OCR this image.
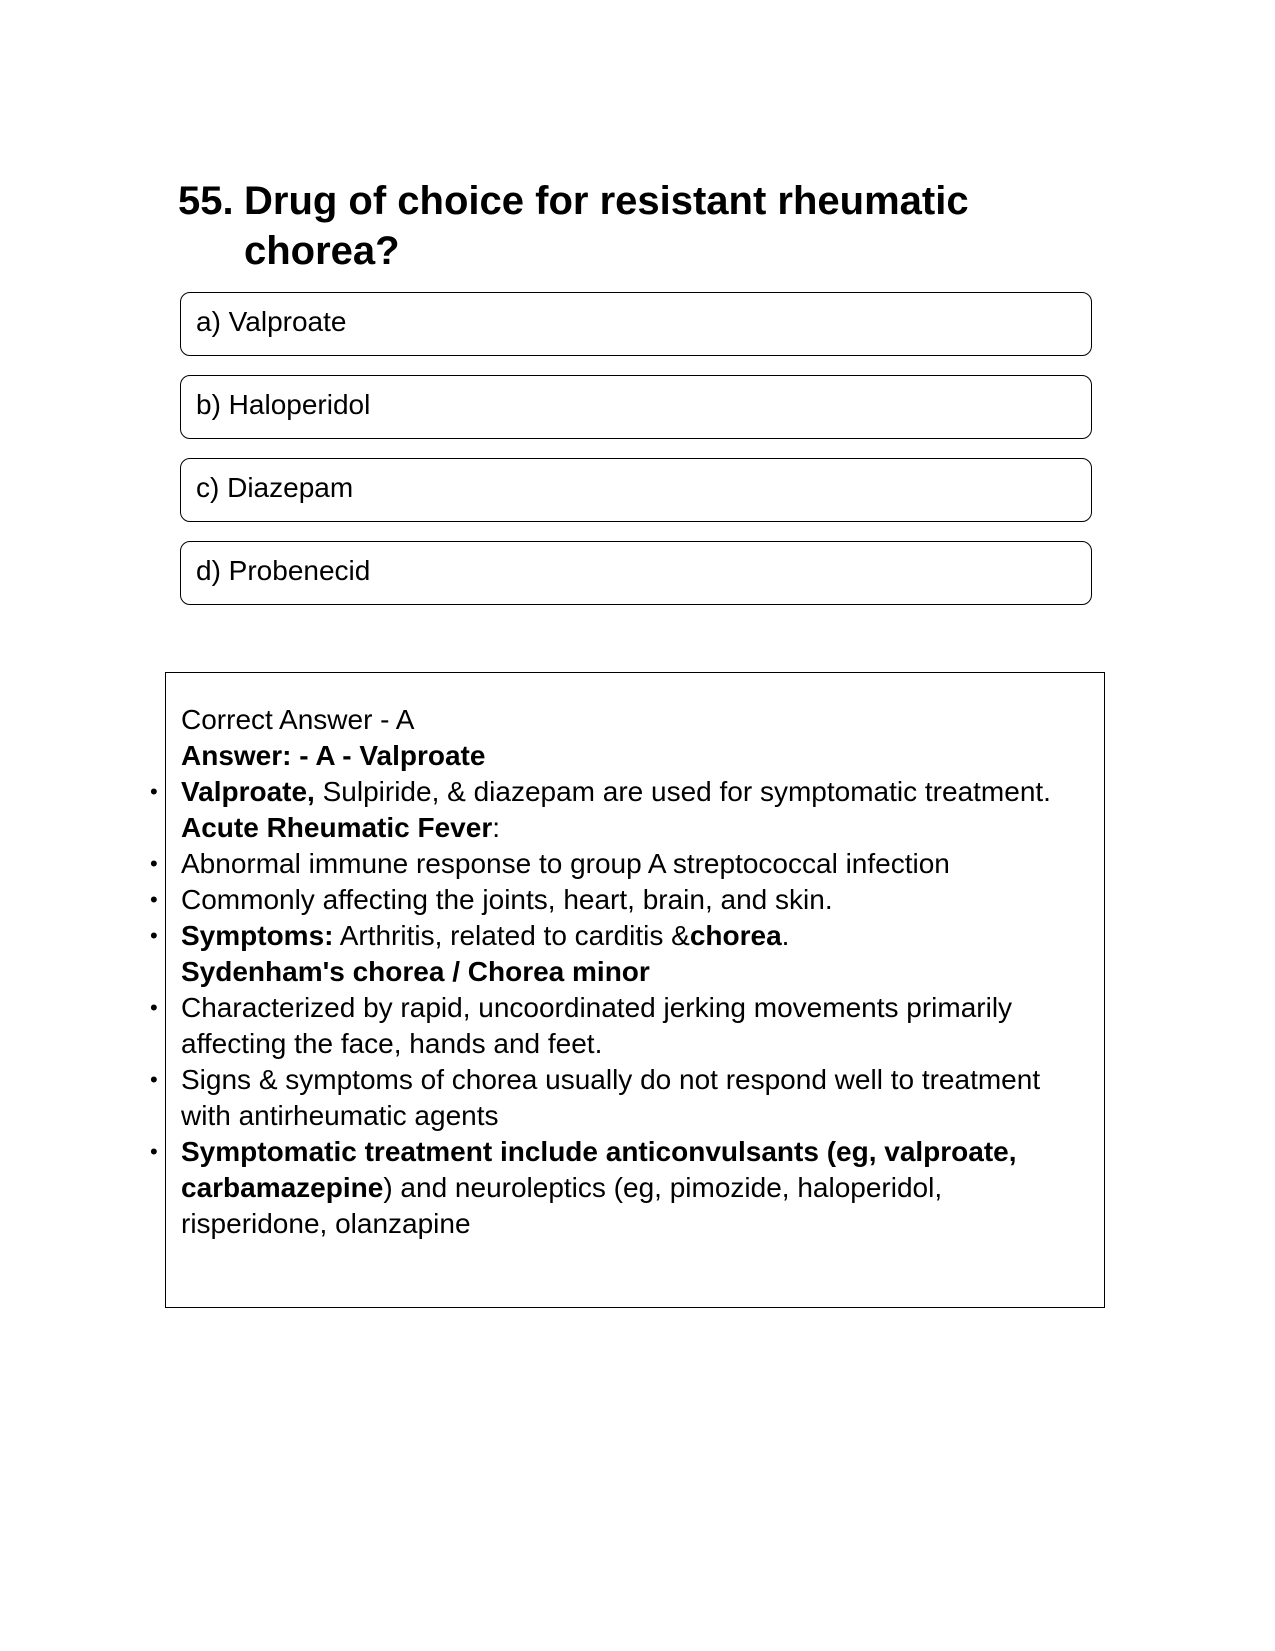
55. Drug of choice for resistant rheumatic chorea?
a) Valproate
b) Haloperidol
c) Diazepam
d) Probenecid

Correct Answer - A

Answer: - A - Valproate

• Valproate, Sulpiride, & diazepam are used for symptomatic treatment.

Acute Rheumatic Fever:

• Abnormal immune response to group A streptococcal infection

• Commonly affecting the joints, heart, brain, and skin.

• Symptoms: Arthritis, related to carditis &chorea.

Sydenham's chorea / Chorea minor

• Characterized by rapid, uncoordinated jerking movements primarily affecting the face, hands and feet.

• Signs & symptoms of chorea usually do not respond well to treatment with antirheumatic agents

• Symptomatic treatment include anticonvulsants (eg, valproate, carbamazepine) and neuroleptics (eg, pimozide, haloperidol, risperidone, olanzapine
